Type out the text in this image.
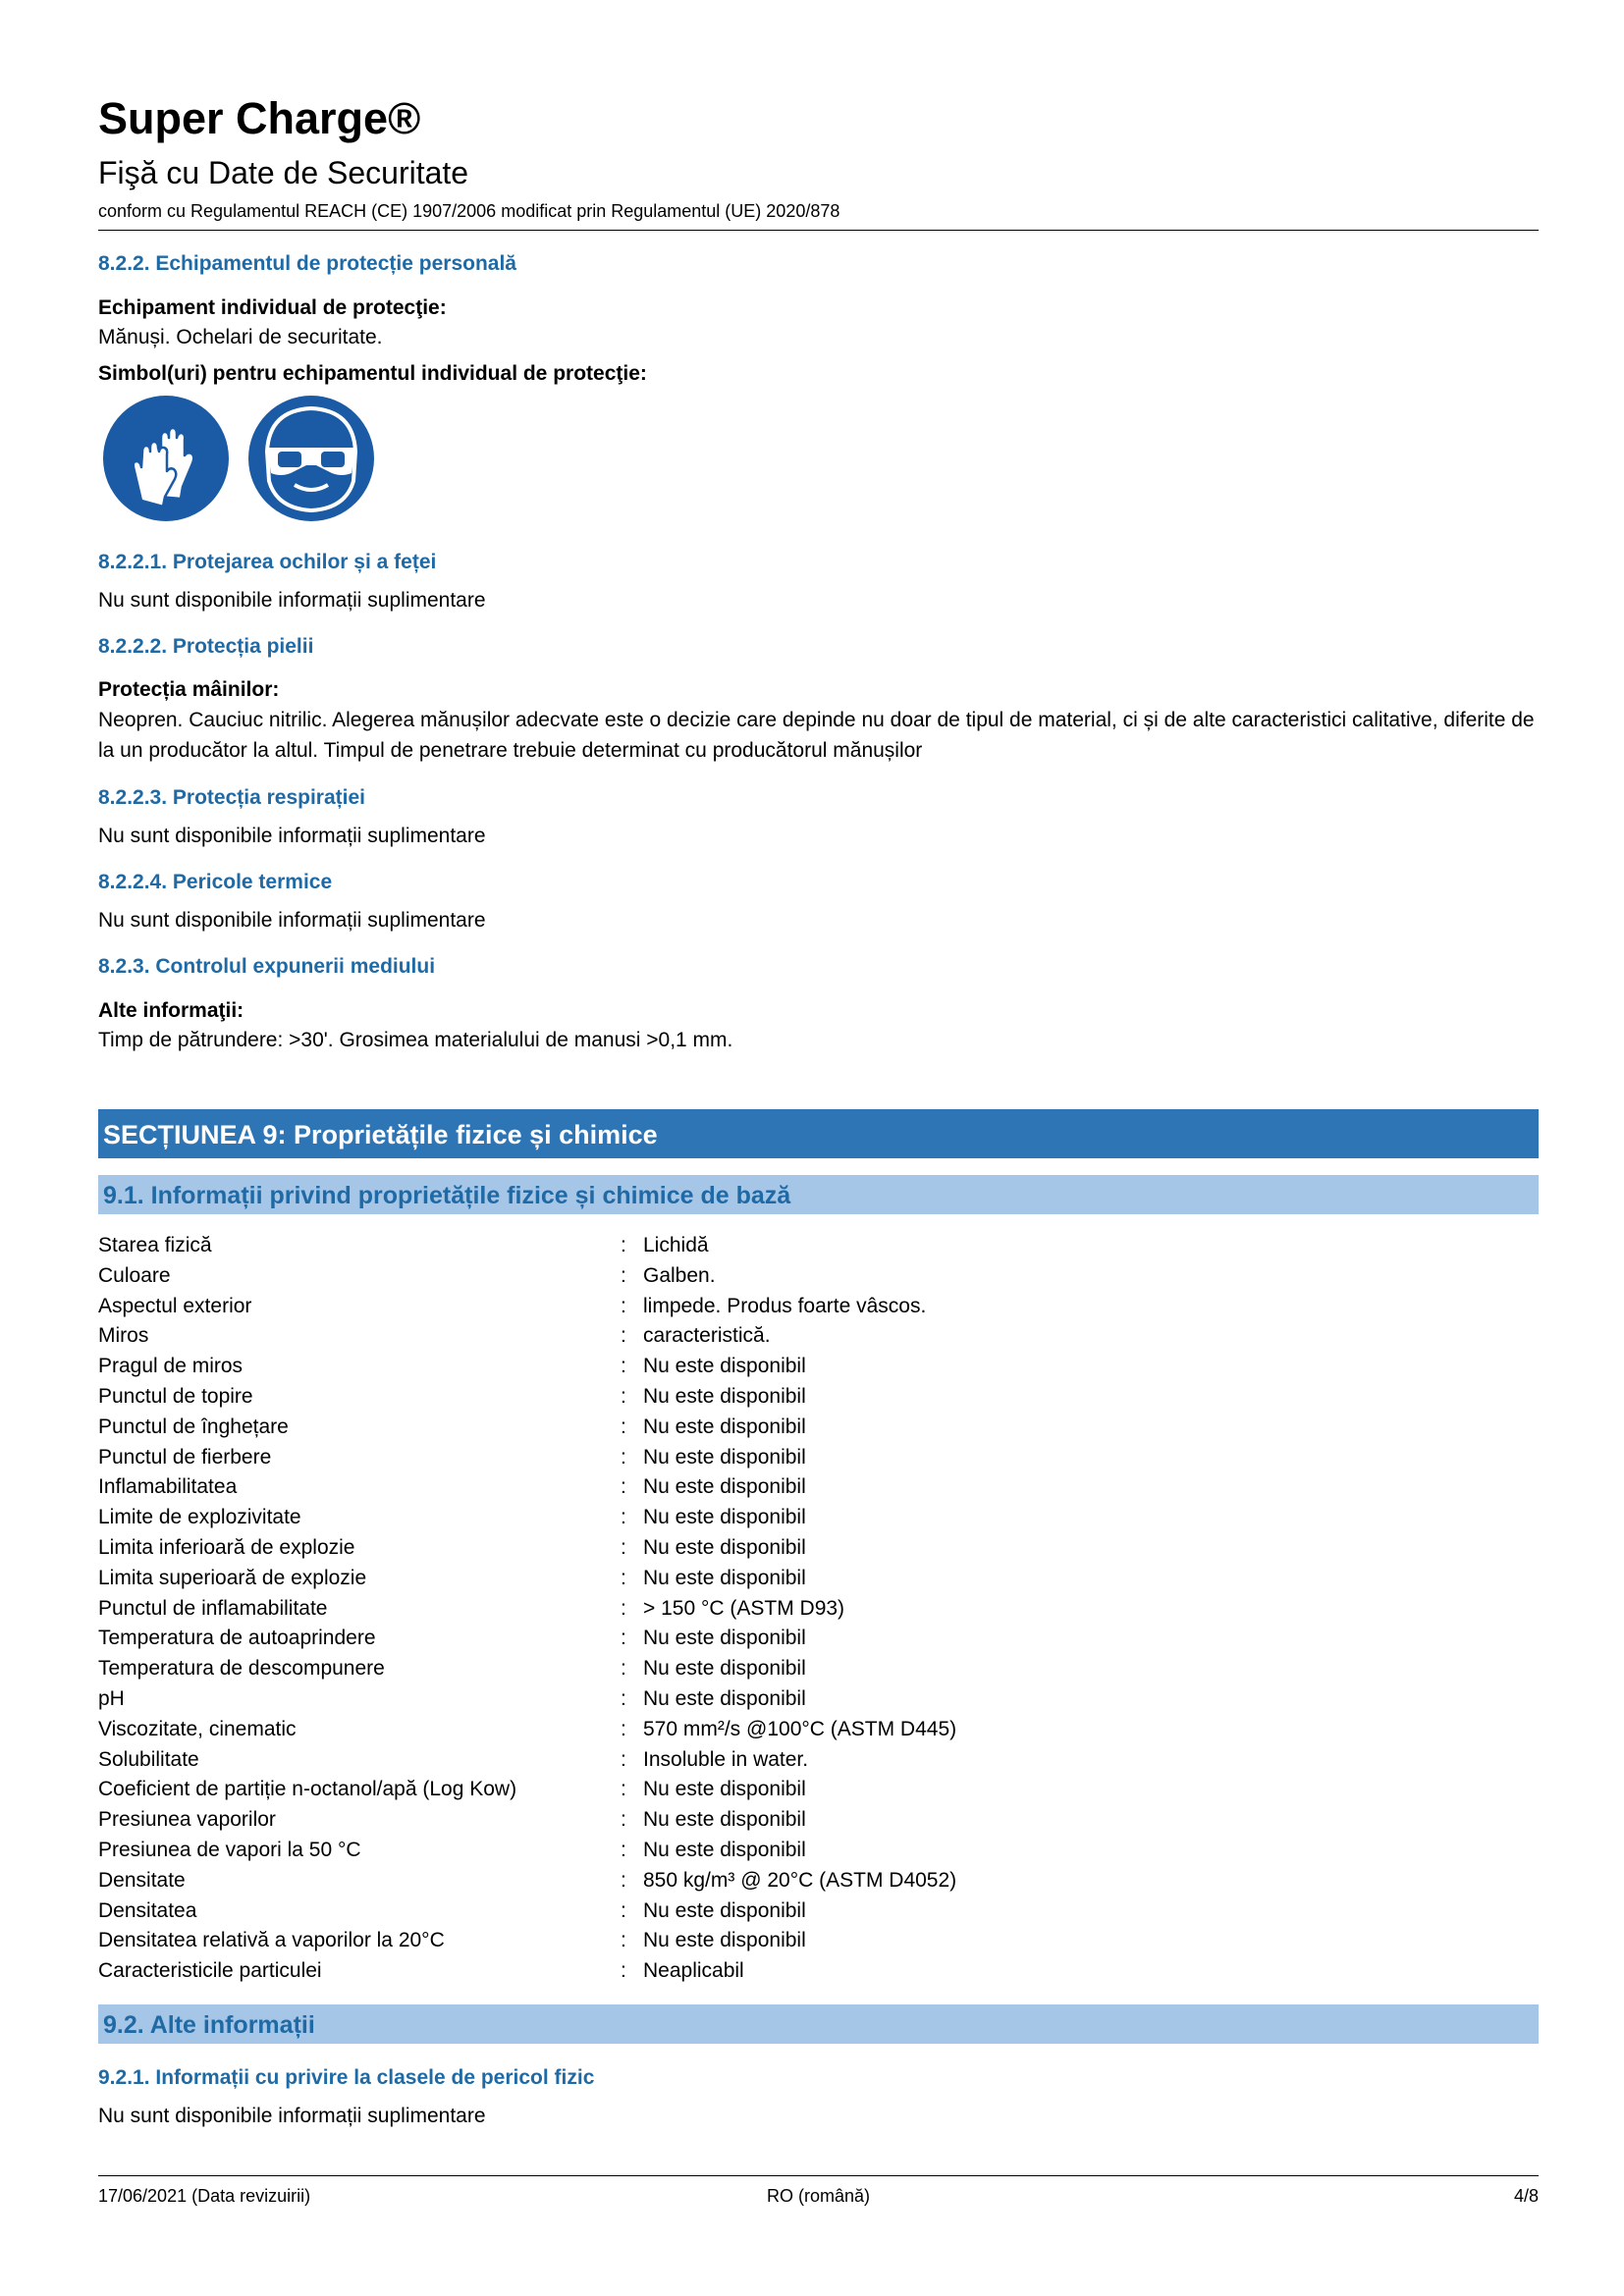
Super Charge®
Fişă cu Date de Securitate
conform cu Regulamentul REACH (CE) 1907/2006 modificat prin Regulamentul (UE) 2020/878
8.2.2. Echipamentul de protecție personală
Echipament individual de protecţie:
Mănuși. Ochelari de securitate.
Simbol(uri) pentru echipamentul individual de protecţie:
8.2.2.1. Protejarea ochilor și a feței
Nu sunt disponibile informații suplimentare
8.2.2.2. Protecția pielii
Protecția mâinilor:
Neopren. Cauciuc nitrilic. Alegerea mănușilor adecvate este o decizie care depinde nu doar de tipul de material, ci și de alte caracteristici calitative, diferite de la un producător la altul. Timpul de penetrare trebuie determinat cu producătorul mănușilor
8.2.2.3. Protecția respirației
Nu sunt disponibile informații suplimentare
8.2.2.4. Pericole termice
Nu sunt disponibile informații suplimentare
8.2.3. Controlul expunerii mediului
Alte informaţii:
Timp de pătrundere: >30'. Grosimea materialului de manusi >0,1 mm.
SECȚIUNEA 9: Proprietățile fizice și chimice
9.1. Informații privind proprietățile fizice și chimice de bază
Starea fizică	: Lichidă
Culoare	: Galben.
Aspectul exterior	: limpede. Produs foarte vâscos.
Miros	: caracteristică.
Pragul de miros	: Nu este disponibil
Punctul de topire	: Nu este disponibil
Punctul de înghețare	: Nu este disponibil
Punctul de fierbere	: Nu este disponibil
Inflamabilitatea	: Nu este disponibil
Limite de explozivitate	: Nu este disponibil
Limita inferioară de explozie	: Nu este disponibil
Limita superioară de explozie	: Nu este disponibil
Punctul de inflamabilitate	: > 150 °C (ASTM D93)
Temperatura de autoaprindere	: Nu este disponibil
Temperatura de descompunere	: Nu este disponibil
pH	: Nu este disponibil
Viscozitate, cinematic	: 570 mm²/s @100°C (ASTM D445)
Solubilitate	: Insoluble in water.
Coeficient de partiție n-octanol/apă (Log Kow)	: Nu este disponibil
Presiunea vaporilor	: Nu este disponibil
Presiunea de vapori la 50 °C	: Nu este disponibil
Densitate	: 850 kg/m³ @ 20°C (ASTM D4052)
Densitatea	: Nu este disponibil
Densitatea relativă a vaporilor la 20°C	: Nu este disponibil
Caracteristicile particulei	: Neaplicabil
9.2. Alte informații
9.2.1. Informații cu privire la clasele de pericol fizic
Nu sunt disponibile informații suplimentare
17/06/2021 (Data revizuirii)	RO (română)	4/8
